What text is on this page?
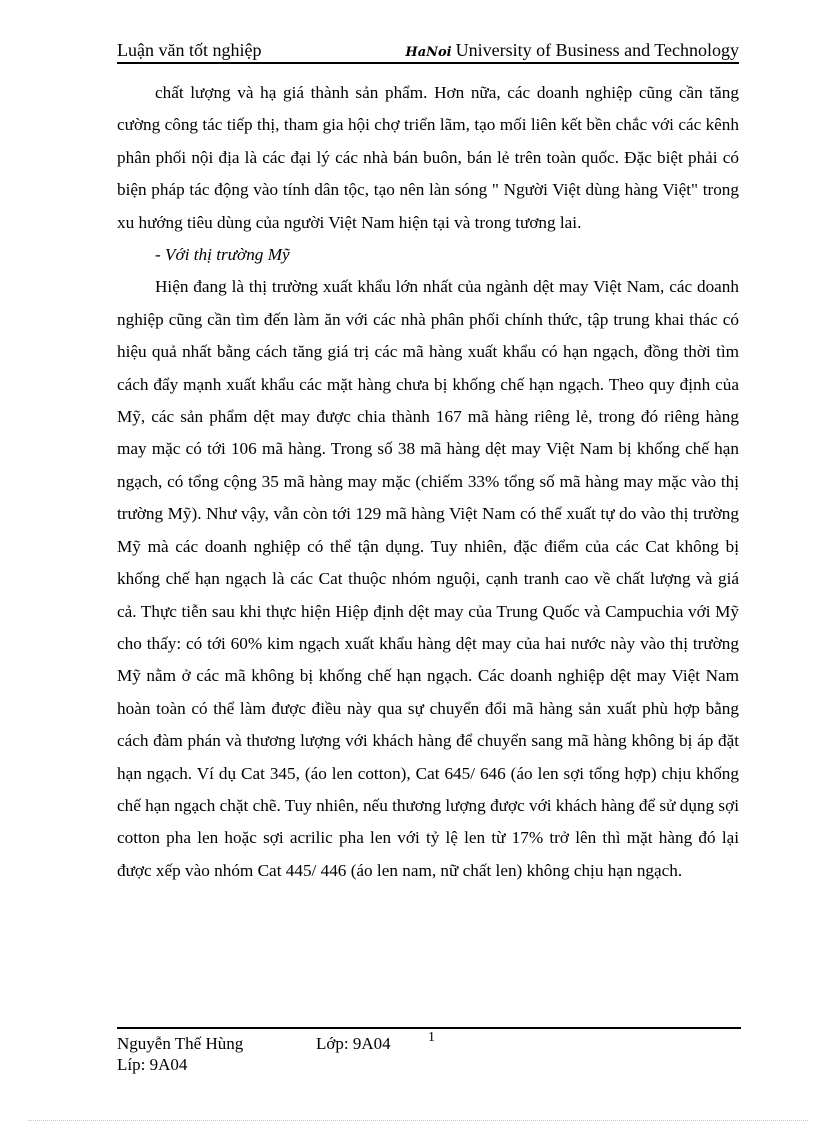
Luận văn tốt nghiệp	HaNoi University of Business and Technology

chất lượng và hạ giá thành sản phẩm. Hơn nữa, các doanh nghiệp cũng cần tăng cường công tác tiếp thị, tham gia hội chợ triển lãm, tạo mối liên kết bền chắc với các kênh phân phối nội địa là các đại lý các nhà bán buôn, bán lẻ trên toàn quốc. Đặc biệt phải có biện pháp tác động vào tính dân tộc, tạo nên làn sóng " Người Việt dùng hàng Việt" trong xu hướng tiêu dùng của người Việt Nam hiện tại và trong tương lai.

- Với thị trường Mỹ

Hiện đang là thị trường xuất khẩu lớn nhất của ngành dệt may Việt Nam, các doanh nghiệp cũng cần tìm đến làm ăn với các nhà phân phối chính thức, tập trung khai thác có hiệu quả nhất bằng cách tăng giá trị các mã hàng xuất khẩu có hạn ngạch, đồng thời tìm cách đẩy mạnh xuất khẩu các mặt hàng chưa bị khống chế hạn ngạch. Theo quy định của Mỹ, các sản phẩm dệt may được chia thành 167 mã hàng riêng lẻ, trong đó riêng hàng may mặc có tới 106 mã hàng. Trong số 38 mã hàng dệt may Việt Nam bị khống chế hạn ngạch, có tổng cộng 35 mã hàng may mặc (chiếm 33% tổng số mã hàng may mặc vào thị trường Mỹ). Như vậy, vẫn còn tới 129 mã hàng Việt Nam có thể xuất tự do vào thị trường Mỹ mà các doanh nghiệp có thể tận dụng. Tuy nhiên, đặc điểm của các Cat không bị khống chế hạn ngạch là các Cat thuộc nhóm nguội, cạnh tranh cao về chất lượng và giá cả. Thực tiễn sau khi thực hiện Hiệp định dệt may của Trung Quốc và Campuchia với Mỹ cho thấy: có tới 60% kim ngạch xuất khẩu hàng dệt may của hai nước này vào thị trường Mỹ nằm ở các mã không bị khống chế hạn ngạch. Các doanh nghiệp dệt may Việt Nam hoàn toàn có thể làm được điều này qua sự chuyển đổi mã hàng sản xuất phù hợp bằng cách đàm phán và thương lượng với khách hàng để chuyển sang mã hàng không bị áp đặt hạn ngạch. Ví dụ Cat 345, (áo len cotton), Cat 645/ 646 (áo len sợi tổng hợp) chịu khống chế hạn ngạch chặt chẽ. Tuy nhiên, nếu thương lượng được với khách hàng để sử dụng sợi cotton pha len hoặc sợi acrilic pha len với tỷ lệ len từ 17% trở lên thì mặt hàng đó lại được xếp vào nhóm Cat 445/ 446 (áo len nam, nữ chất len) không chịu hạn ngạch.

Nguyễn Thế Hùng	Lớp: 9A04	1
Líp: 9A04
